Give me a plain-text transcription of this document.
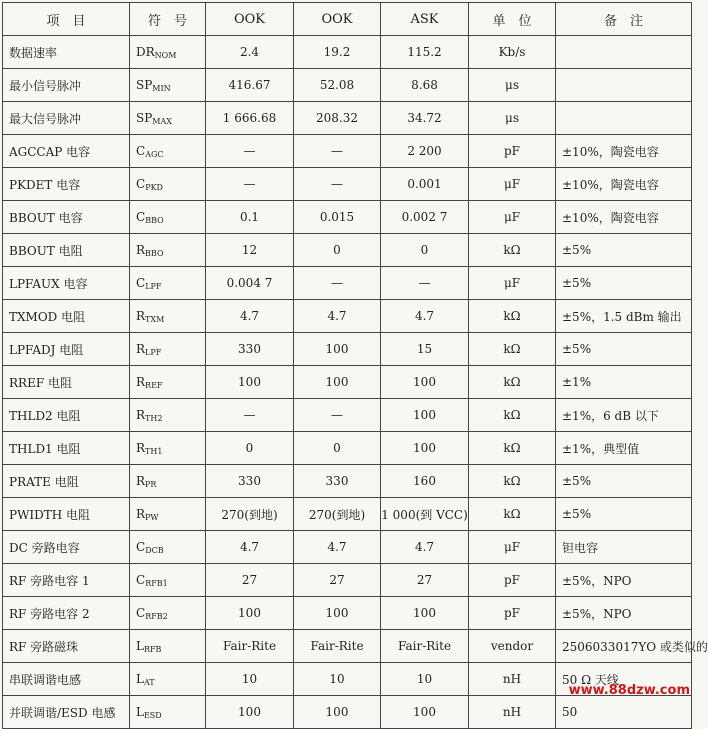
项　目	符　号	OOK	OOK	ASK	单　位	备　注
数据速率	$DR_{NOM}$	2.4	19.2	115.2	Kb/s	
最小信号脉冲	$SP_{MIN}$	416.67	52.08	8.68	μs	
最大信号脉冲	$SP_{MAX}$	1 666.68	208.32	34.72	μs	
AGCCAP 电容	$C_{AGC}$	—	—	2 200	pF	±10%，陶瓷电容
PKDET 电容	$C_{PKD}$	—	—	0.001	μF	±10%，陶瓷电容
BBOUT 电容	$C_{BBO}$	0.1	0.015	0.002 7	μF	±10%，陶瓷电容
BBOUT 电阻	$R_{BBO}$	12	0	0	kΩ	±5%
LPFAUX 电容	$C_{LPF}$	0.004 7	—	—	μF	±5%
TXMOD 电阻	$R_{TXM}$	4.7	4.7	4.7	kΩ	±5%，1.5 dBm 输出
LPFADJ 电阻	$R_{LPF}$	330	100	15	kΩ	±5%
RREF 电阻	$R_{REF}$	100	100	100	kΩ	±1%
THLD2 电阻	$R_{TH2}$	—	—	100	kΩ	±1%，6 dB 以下
THLD1 电阻	$R_{TH1}$	0	0	100	kΩ	±1%，典型值
PRATE 电阻	$R_{PR}$	330	330	160	kΩ	±5%
PWIDTH 电阻	$R_{PW}$	270(到地)	270(到地)	1 000(到 VCC)	kΩ	±5%
DC 旁路电容	$C_{DCB}$	4.7	4.7	4.7	μF	钽电容
RF 旁路电容 1	$C_{RFB1}$	27	27	27	pF	±5%，NPO
RF 旁路电容 2	$C_{RFB2}$	100	100	100	pF	±5%，NPO
RF 旁路磁珠	$L_{RFB}$	Fair-Rite	Fair-Rite	Fair-Rite	vendor	2506033017YO 或类似的
串联调谐电感	$L_{AT}$	10	10	10	nH	50 Ω 天线
并联调谐/ESD 电感	$L_{ESD}$	100	100	100	nH	50
www.88dzw.com
